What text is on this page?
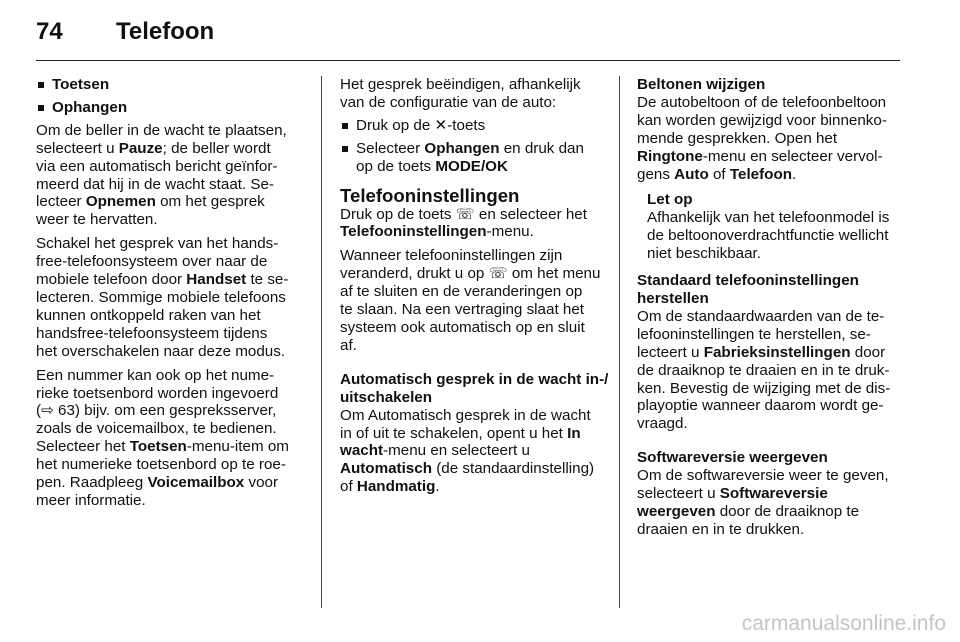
74	Telefoon
Toetsen
Ophangen
Om de beller in de wacht te plaatsen,
selecteert u Pauze; de beller wordt
via een automatisch bericht geïnfor-
meerd dat hij in de wacht staat. Se-
lecteer Opnemen om het gesprek
weer te hervatten.
Schakel het gesprek van het hands-
free-telefoonsysteem over naar de
mobiele telefoon door Handset te se-
lecteren. Sommige mobiele telefoons
kunnen ontkoppeld raken van het
handsfree-telefoonsysteem tijdens
het overschakelen naar deze modus.
Een nummer kan ook op het nume-
rieke toetsenbord worden ingevoerd
(⇨ 63) bijv. om een gespreksserver,
zoals de voicemailbox, te bedienen.
Selecteer het Toetsen-menu-item om
het numerieke toetsenbord op te roe-
pen. Raadpleeg Voicemailbox voor
meer informatie.
Het gesprek beëindigen, afhankelijk
van de configuratie van de auto:
Druk op de ✕-toets
Selecteer Ophangen en druk dan
op de toets MODE/OK
Telefooninstellingen
Druk op de toets ☏ en selecteer het
Telefooninstellingen-menu.
Wanneer telefooninstellingen zijn
veranderd, drukt u op ☏ om het menu
af te sluiten en de veranderingen op
te slaan. Na een vertraging slaat het
systeem ook automatisch op en sluit
af.
Automatisch gesprek in de wacht in-/
uitschakelen
Om Automatisch gesprek in de wacht
in of uit te schakelen, opent u het In
wacht-menu en selecteert u
Automatisch (de standaardinstelling)
of Handmatig.
Beltonen wijzigen
De autobeltoon of de telefoonbeltoon
kan worden gewijzigd voor binnenko-
mende gesprekken. Open het
Ringtone-menu en selecteer vervol-
gens Auto of Telefoon.
Let op
Afhankelijk van het telefoonmodel is
de beltoonoverdrachtfunctie wellicht
niet beschikbaar.
Standaard telefooninstellingen
herstellen
Om de standaardwaarden van de te-
lefooninstellingen te herstellen, se-
lecteert u Fabrieksinstellingen door
de draaiknop te draaien en in te druk-
ken. Bevestig de wijziging met de dis-
playoptie wanneer daarom wordt ge-
vraagd.
Softwareversie weergeven
Om de softwareversie weer te geven,
selecteert u Softwareversie
weergeven door de draaiknop te
draaien en in te drukken.
carmanualsonline.info
